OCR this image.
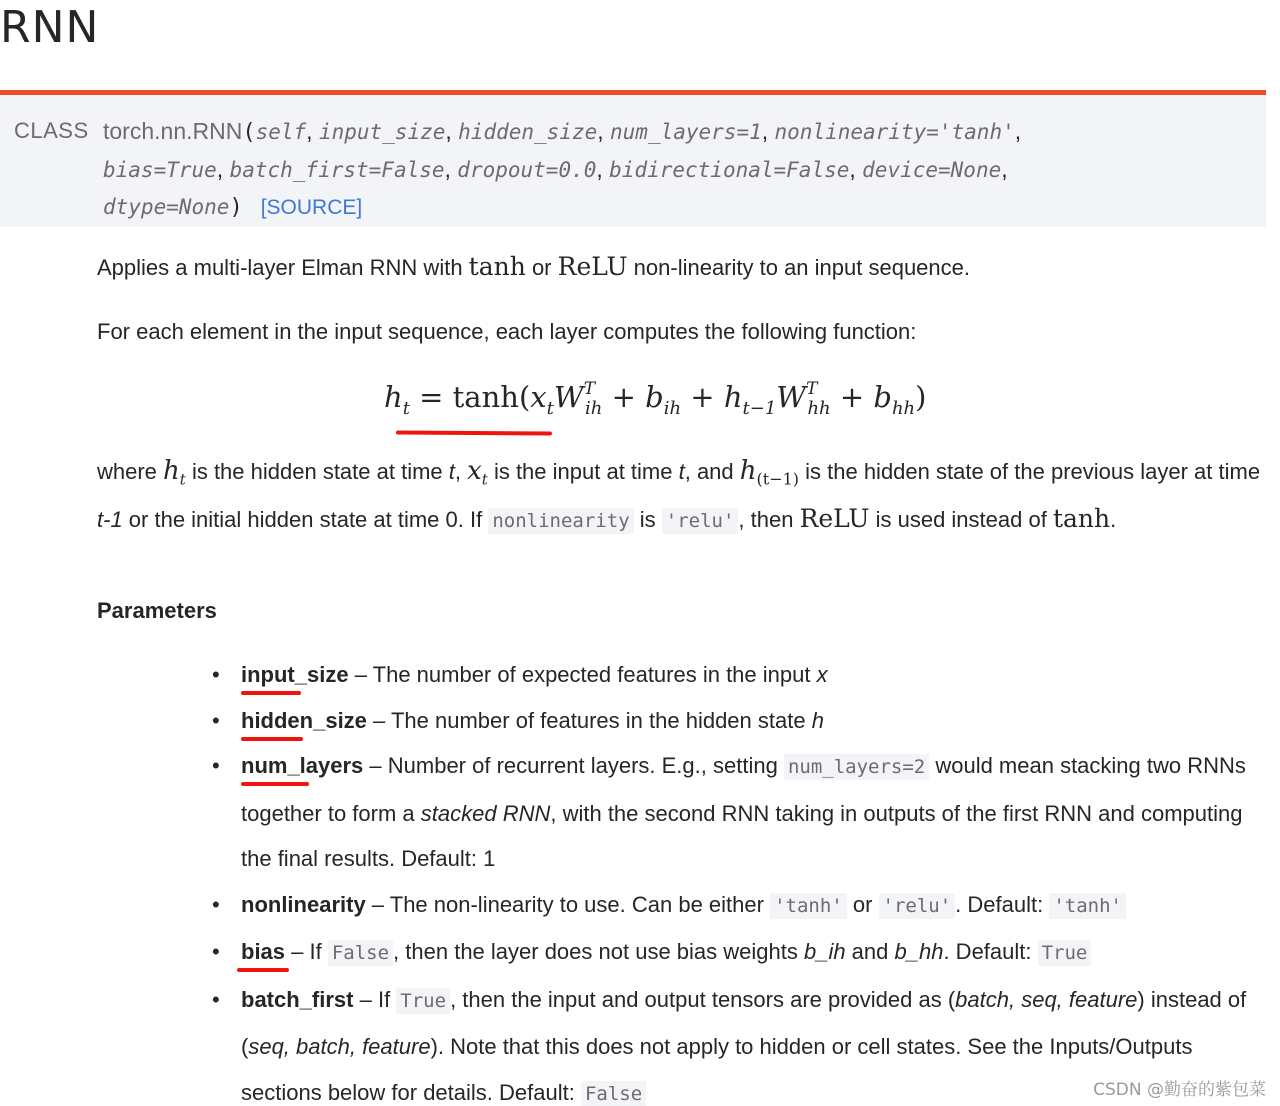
RNN
CLASS torch.nn.RNN(self, input_size, hidden_size, num_layers=1, nonlinearity='tanh',
bias=True, batch_first=False, dropout=0.0, bidirectional=False, device=None,
dtype=None) [SOURCE]

Applies a multi-layer Elman RNN with tanh or ReLU non-linearity to an input sequence.

For each element in the input sequence, each layer computes the following function:

$h_t = \tanh(x_tW^T_{ih} + b_{ih} + h_{t-1}W^T_{hh} + b_{hh})$

where $h_t$ is the hidden state at time t, $x_t$ is the input at time t, and $h_{(t-1)}$ is the hidden state of the previous layer at time t-1 or the initial hidden state at time 0. If nonlinearity is 'relu' , then ReLU is used instead of tanh.

Parameters
• input_size
– The number of expected features in the input x
• hidden_size
– The number of features in the hidden state h
• num_layers
– Number of recurrent layers. E.g., setting num_layers=2 would mean stacking two RNNs together to form a stacked RNN, with the second RNN taking in outputs of the first RNN and computing the final results. Default: 1
• nonlinearity – The non-linearity to use. Can be either 'tanh' or 'relu' . Default: 'tanh'
• bias
– If False , then the layer does not use bias weights b_ih and b_hh. Default: True
• batch_first – If True , then the input and output tensors are provided as (batch, seq, feature) instead of (seq, batch, feature). Note that this does not apply to hidden or cell states. See the Inputs/Outputs sections below for details. Default: False	CSDN @勤奋的紫包菜
